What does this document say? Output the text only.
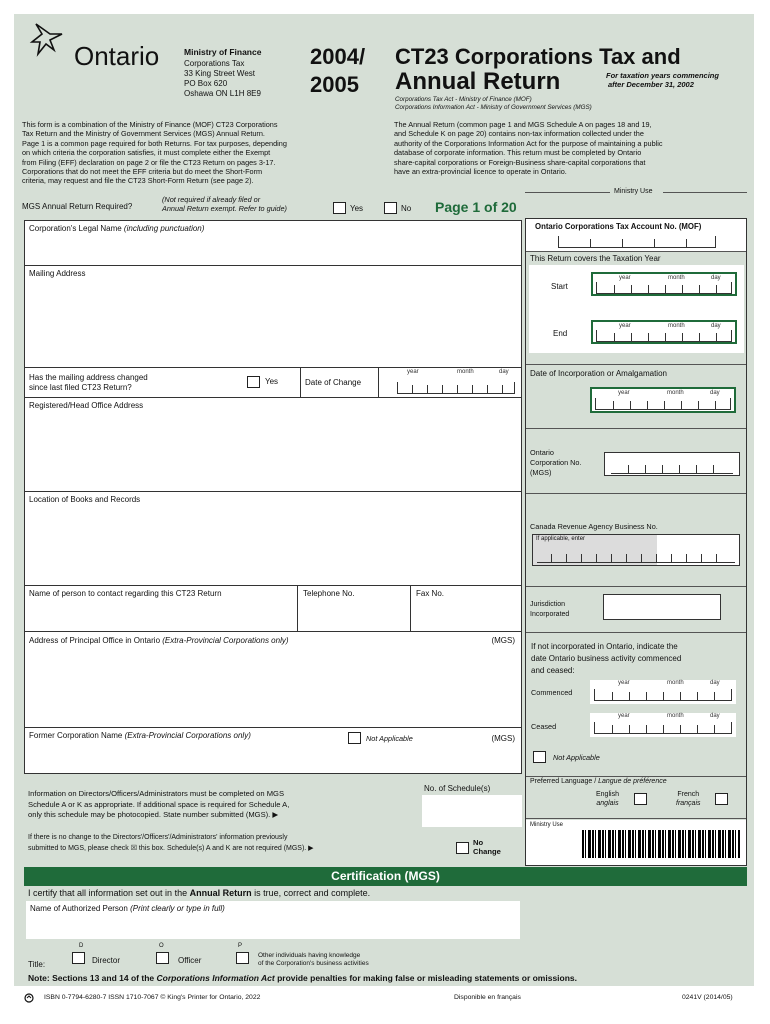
Ontario	Ministry of Finance
Corporations Tax
33 King Street West
PO Box 620
Oshawa ON L1H 8E9
2004/
2005
CT23 Corporations Tax and
Annual Return	For taxation years commencing
after December 31, 2002
Corporations Tax Act - Ministry of Finance (MOF)
Corporations Information Act - Ministry of Government Services (MGS)
This form is a combination of the Ministry of Finance (MOF) CT23 Corporations
Tax Return and the Ministry of Government Services (MGS) Annual Return.
Page 1 is a common page required for both Returns. For tax purposes, depending
on which criteria the corporation satisfies, it must complete either the Exempt
from Filing (EFF) declaration on page 2 or file the CT23 Return on pages 3-17.
Corporations that do not meet the EFF criteria but do meet the Short-Form
criteria, may request and file the CT23 Short-Form Return (see page 2).
The Annual Return (common page 1 and MGS Schedule A on pages 18 and 19,
and Schedule K on page 20) contains non-tax information collected under the
authority of the Corporations Information Act for the purpose of maintaining a public
database of corporate information. This return must be completed by Ontario
share-capital corporations or Foreign-Business share-capital corporations that
have an extra-provincial licence to operate in Ontario.
MGS Annual Return Required?
(Not required if already filed or
Annual Return exempt. Refer to guide)	Yes	No Page 1 of 20
Ministry Use
Corporation's Legal Name (including punctuation)
Mailing Address
Has the mailing address changed
since last filed CT23 Return?
Yes	Date of Change
year	month	day
Registered/Head Office Address
Location of Books and Records
Name of person to contact regarding this CT23 Return	Telephone No.	Fax No.
Address of Principal Office in Ontario (Extra-Provincial Corporations only)	(MGS)
Former Corporation Name (Extra-Provincial Corporations only)	Not Applicable	(MGS)
Information on Directors/Officers/Administrators must be completed on MGS
Schedule A or K as appropriate. If additional space is required for Schedule A,
only this schedule may be photocopied. State number submitted (MGS). ▶
No. of Schedule(s)
If there is no change to the Directors'/Officers'/Administrators' information previously
submitted to MGS, please check ☒ this box. Schedule(s) A and K are not required (MGS). ▶
No
Change
Ontario Corporations Tax Account No. (MOF)
This Return covers the Taxation Year
Start
year	month	day
End
year	month	day
Date of Incorporation or Amalgamation
year	month	day
Ontario
Corporation No.
(MGS)
Canada Revenue Agency Business No.
If applicable, enter
Jurisdiction
Incorporated
If not incorporated in Ontario, indicate the
date Ontario business activity commenced
and ceased:
Commenced
year	month	day
Ceased
year	month	day
Not Applicable
Preferred Language / Langue de préférence
English
anglais
French
français
Ministry Use
Certification (MGS)
I certify that all information set out in the Annual Return is true, correct and complete.
Name of Authorized Person (Print clearly or type in full)
Title:
D
Director
O
Officer
P
Other individuals having knowledge
of the Corporation's business activities
Note: Sections 13 and 14 of the Corporations Information Act provide penalties for making false or misleading statements or omissions.
ISBN 0-7794-6280-7 ISSN 1710-7067 © King's Printer for Ontario, 2022	Disponible en français	0241V (2014/05)
